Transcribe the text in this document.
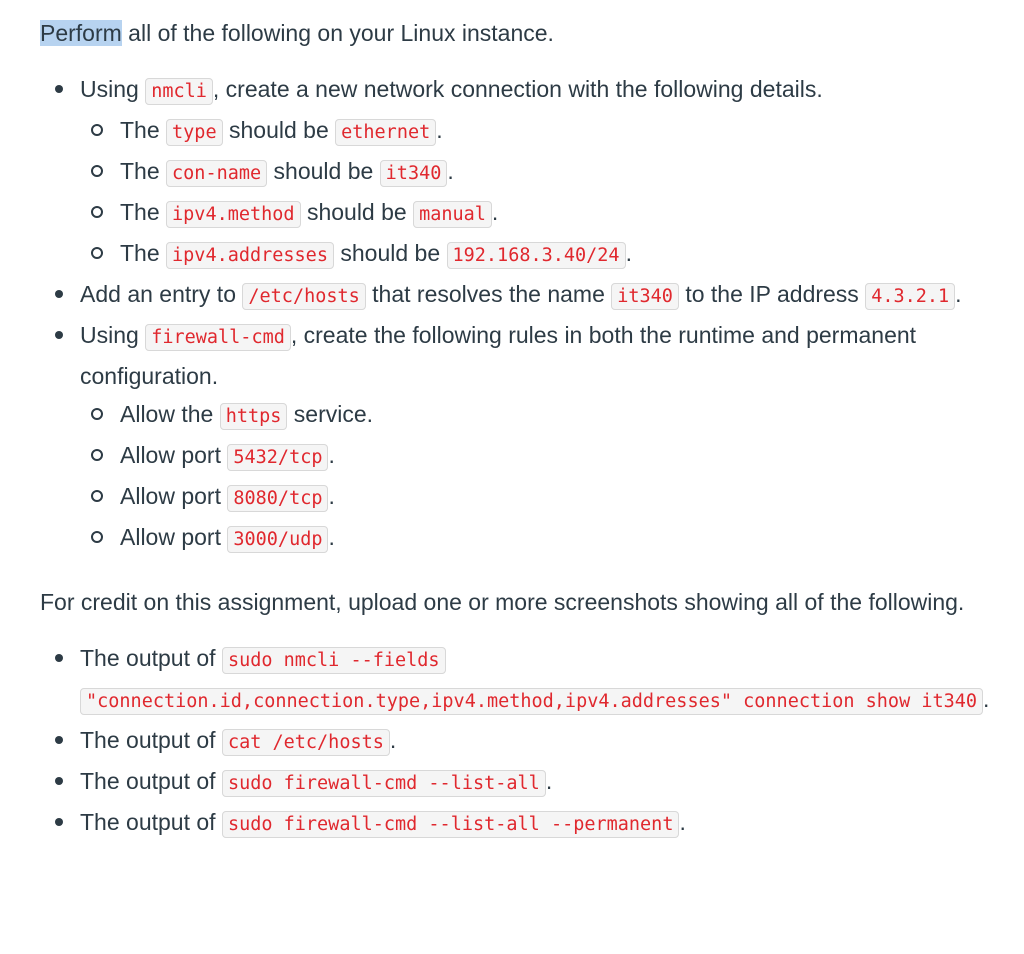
Perform all of the following on your Linux instance.

Using nmcli , create a new network connection with the following details.
The type should be ethernet .
The con-name should be it340 .
The ipv4.method should be manual .
The ipv4.addresses should be 192.168.3.40/24 .
Add an entry to /etc/hosts that resolves the name it340 to the IP address 4.3.2.1 .
Using firewall-cmd , create the following rules in both the runtime and permanent configuration.
Allow the https service.
Allow port 5432/tcp .
Allow port 8080/tcp .
Allow port 3000/udp .

For credit on this assignment, upload one or more screenshots showing all of the following.

The output of sudo nmcli --fields "connection.id,connection.type,ipv4.method,ipv4.addresses" connection show it340 .
The output of cat /etc/hosts .
The output of sudo firewall-cmd --list-all .
The output of sudo firewall-cmd --list-all --permanent .
